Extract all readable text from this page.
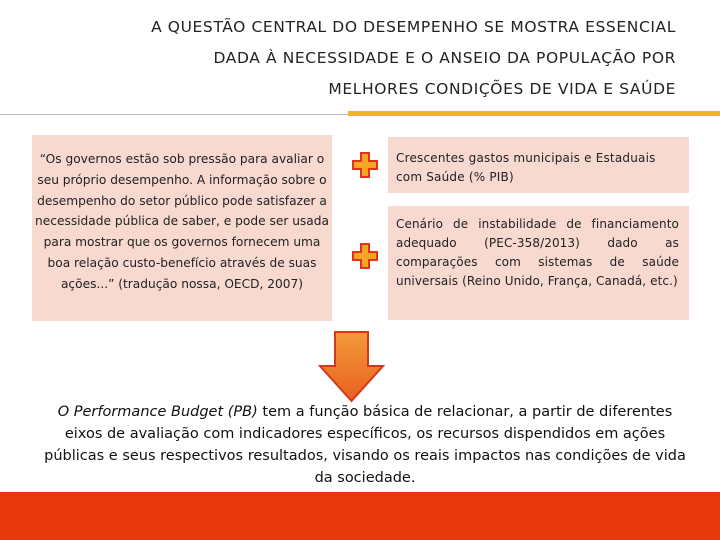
A QUESTÃO CENTRAL DO DESEMPENHO SE MOSTRA ESSENCIAL
DADA À NECESSIDADE E O ANSEIO DA POPULAÇÃO POR
MELHORES CONDIÇÕES DE VIDA E SAÚDE
“Os governos estão sob pressão para avaliar o seu próprio desempenho. A informação sobre o desempenho do setor público pode satisfazer a necessidade pública de saber, e pode ser usada para mostrar que os governos fornecem uma boa relação custo-benefício através de suas ações...” (tradução nossa, OECD, 2007)
Crescentes gastos municipais e Estaduais com Saúde (% PIB)
Cenário de instabilidade de financiamento adequado (PEC-358/2013) dado as comparações com sistemas de saúde universais (Reino Unido, França, Canadá, etc.)
O Performance Budget (PB) tem a função básica de relacionar, a partir de diferentes eixos de avaliação com indicadores específicos, os recursos dispendidos em ações públicas e seus respectivos resultados, visando os reais impactos nas condições de vida da sociedade.
